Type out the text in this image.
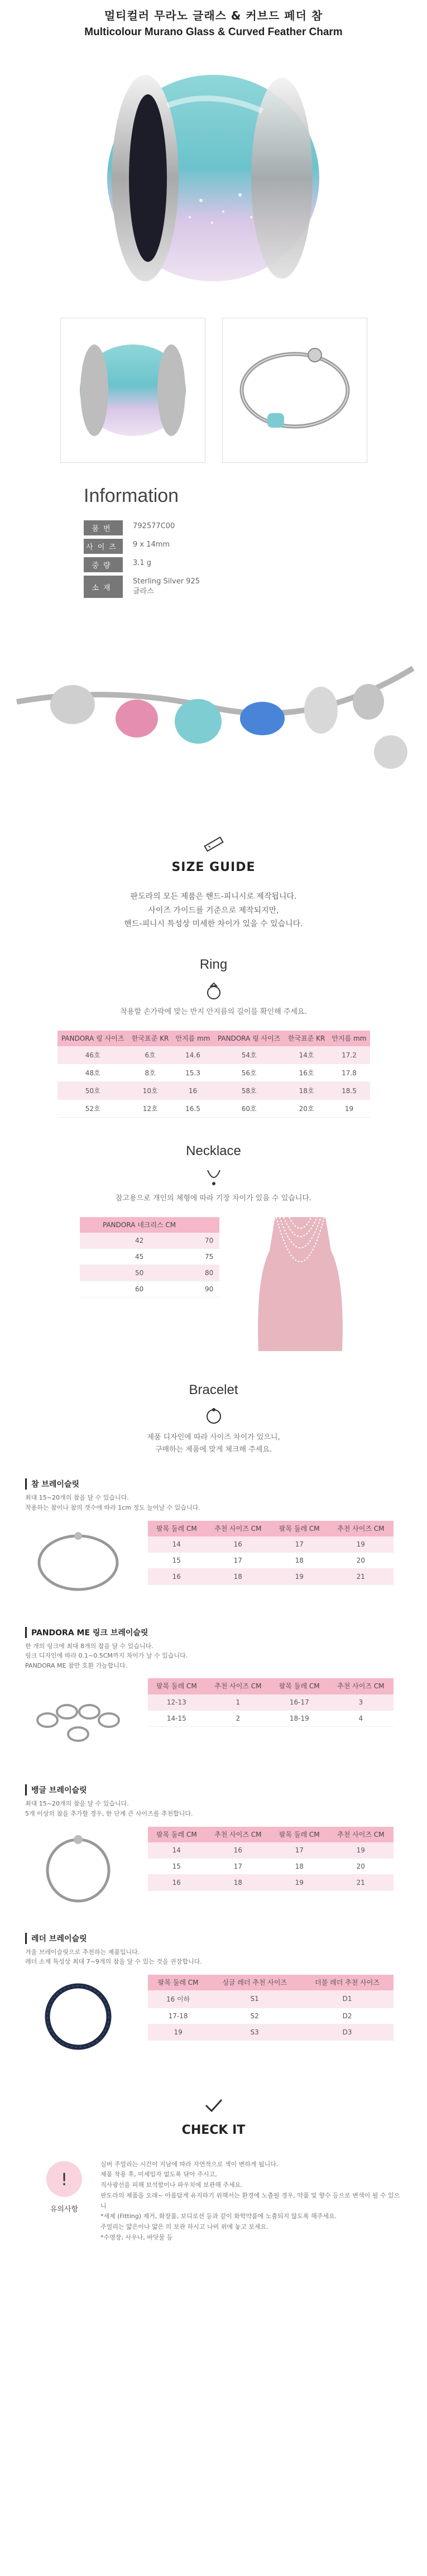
멀티컬러 무라노 글래스 & 커브드 페더 참
Multicolour Murano Glass & Curved Feather Charm
Information
품번	792577C00
사이즈	9 x 14mm
중량	3.1 g
소재	Sterling Silver 925
글라스
SIZE GUIDE
판도라의 모든 제품은 핸드-피니시로 제작됩니다.
사이즈 가이드를 기준으로 제작되지만,
핸드-피니시 특성상 미세한 차이가 있을 수 있습니다.
Ring
착용할 손가락에 맞는 반지 안지름의 길이를 확인해 주세요.
PANDORA 링 사이즈	한국표준 KR	안지름 mm	PANDORA 링 사이즈	한국표준 KR	안지름 mm
46호	6호	14.6	54호	14호	17.2
48호	8호	15.3	56호	16호	17.8
50호	10호	16	58호	18호	18.5
52호	12호	16.5	60호	20호	19
Necklace
참고용으로 개인의 체형에 따라 기장 차이가 있을 수 있습니다.
PANDORA 네크리스 CM	
42	70
45	75
50	80
60	90
Bracelet
제품 디자인에 따라 사이즈 차이가 있으니,
구매하는 제품에 맞게 체크해 주세요.
참 브레이슬릿
최대 15~20개의 참을 달 수 있습니다.
착용하는 참이나 참의 갯수에 따라 1cm 정도 늘어날 수 있습니다.
팔목 둘레 CM	추천 사이즈 CM	팔목 둘레 CM	추천 사이즈 CM
14	16	17	19
15	17	18	20
16	18	19	21
PANDORA ME 링크 브레이슬릿
한 개의 링크에 최대 8개의 참을 달 수 있습니다.
링크 디자인에 따라 0.1~0.5CM까지 차이가 날 수 있습니다.
PANDORA ME 참만 호환 가능합니다.
팔목 둘레 CM	추천 사이즈 CM	팔목 둘레 CM	추천 사이즈 CM
12-13	1	16-17	3
14-15	2	18-19	4
뱅글 브레이슬릿
최대 15~20개의 참을 달 수 있습니다.
5개 이상의 참을 추가할 경우, 한 단계 큰 사이즈를 추천합니다.
팔목 둘레 CM	추천 사이즈 CM	팔목 둘레 CM	추천 사이즈 CM
14	16	17	19
15	17	18	20
16	18	19	21
레더 브레이슬릿
겨울 브레이슬릿으로 추천하는 제품입니다.
레더 소재 특성상 최대 7~9개의 참을 달 수 있는 것을 권장합니다.
팔목 둘레 CM	싱글 레더 추천 사이즈	더블 레더 추천 사이즈
16 이하	S1	D1
17-18	S2	D2
19	S3	D3
CHECK IT
!
유의사항
실버 주얼리는 시간이 지남에 따라 자연적으로 색이 변하게 됩니다.
제품 착용 후, 미세입자 없도록 닦아 주시고,
직사광선을 피해 보석함이나 파우치에 보관해 주세요.
판도라의 제품을 오래~ 아름답게 유지하기 위해서는 환경에 노출될 경우, 약품 및 향수 등으로 변색이 될 수 있으니
*세제 (Fitting) 제거, 화장품, 보디로션 등과 같이 화학약품에 노출되지 않도록 해주세요.
주얼리는 얇은이나 얇은 의 보관 하시고 나비 위에 놓고 보세요.
*수영장, 사우나, 바닷물 등
